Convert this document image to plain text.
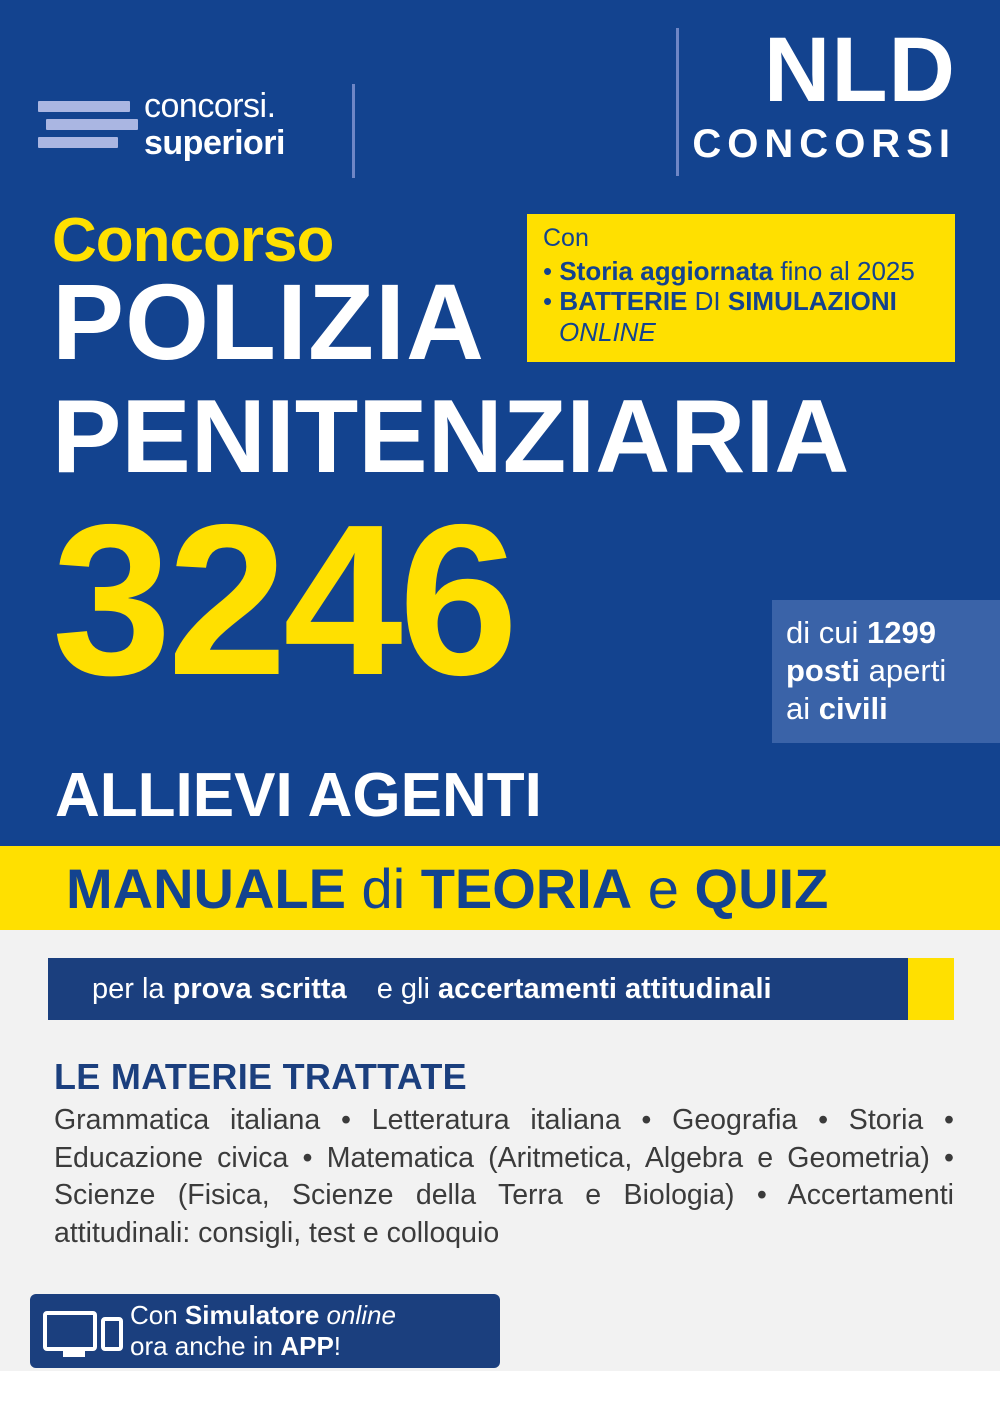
concorsi.
superiori
NLD
CONCORSI
Concorso
POLIZIA
PENITENZIARIA
Con
• Storia aggiornata fino al 2025
• BATTERIE DI SIMULAZIONI
ONLINE
3246	di cui 1299
posti aperti
ai civili
ALLIEVI AGENTI
MANUALE di TEORIA e QUIZ
per la prova scritta e gli accertamenti attitudinali
LE MATERIE TRATTATE
Grammatica italiana • Letteratura italiana • Geografia • Storia • Educazione civica • Matematica (Aritmetica, Algebra e Geometria) • Scienze (Fisica, Scienze della Terra e Biologia) • Accertamenti attitudinali: consigli, test e colloquio
Con Simulatore online
ora anche in APP!
